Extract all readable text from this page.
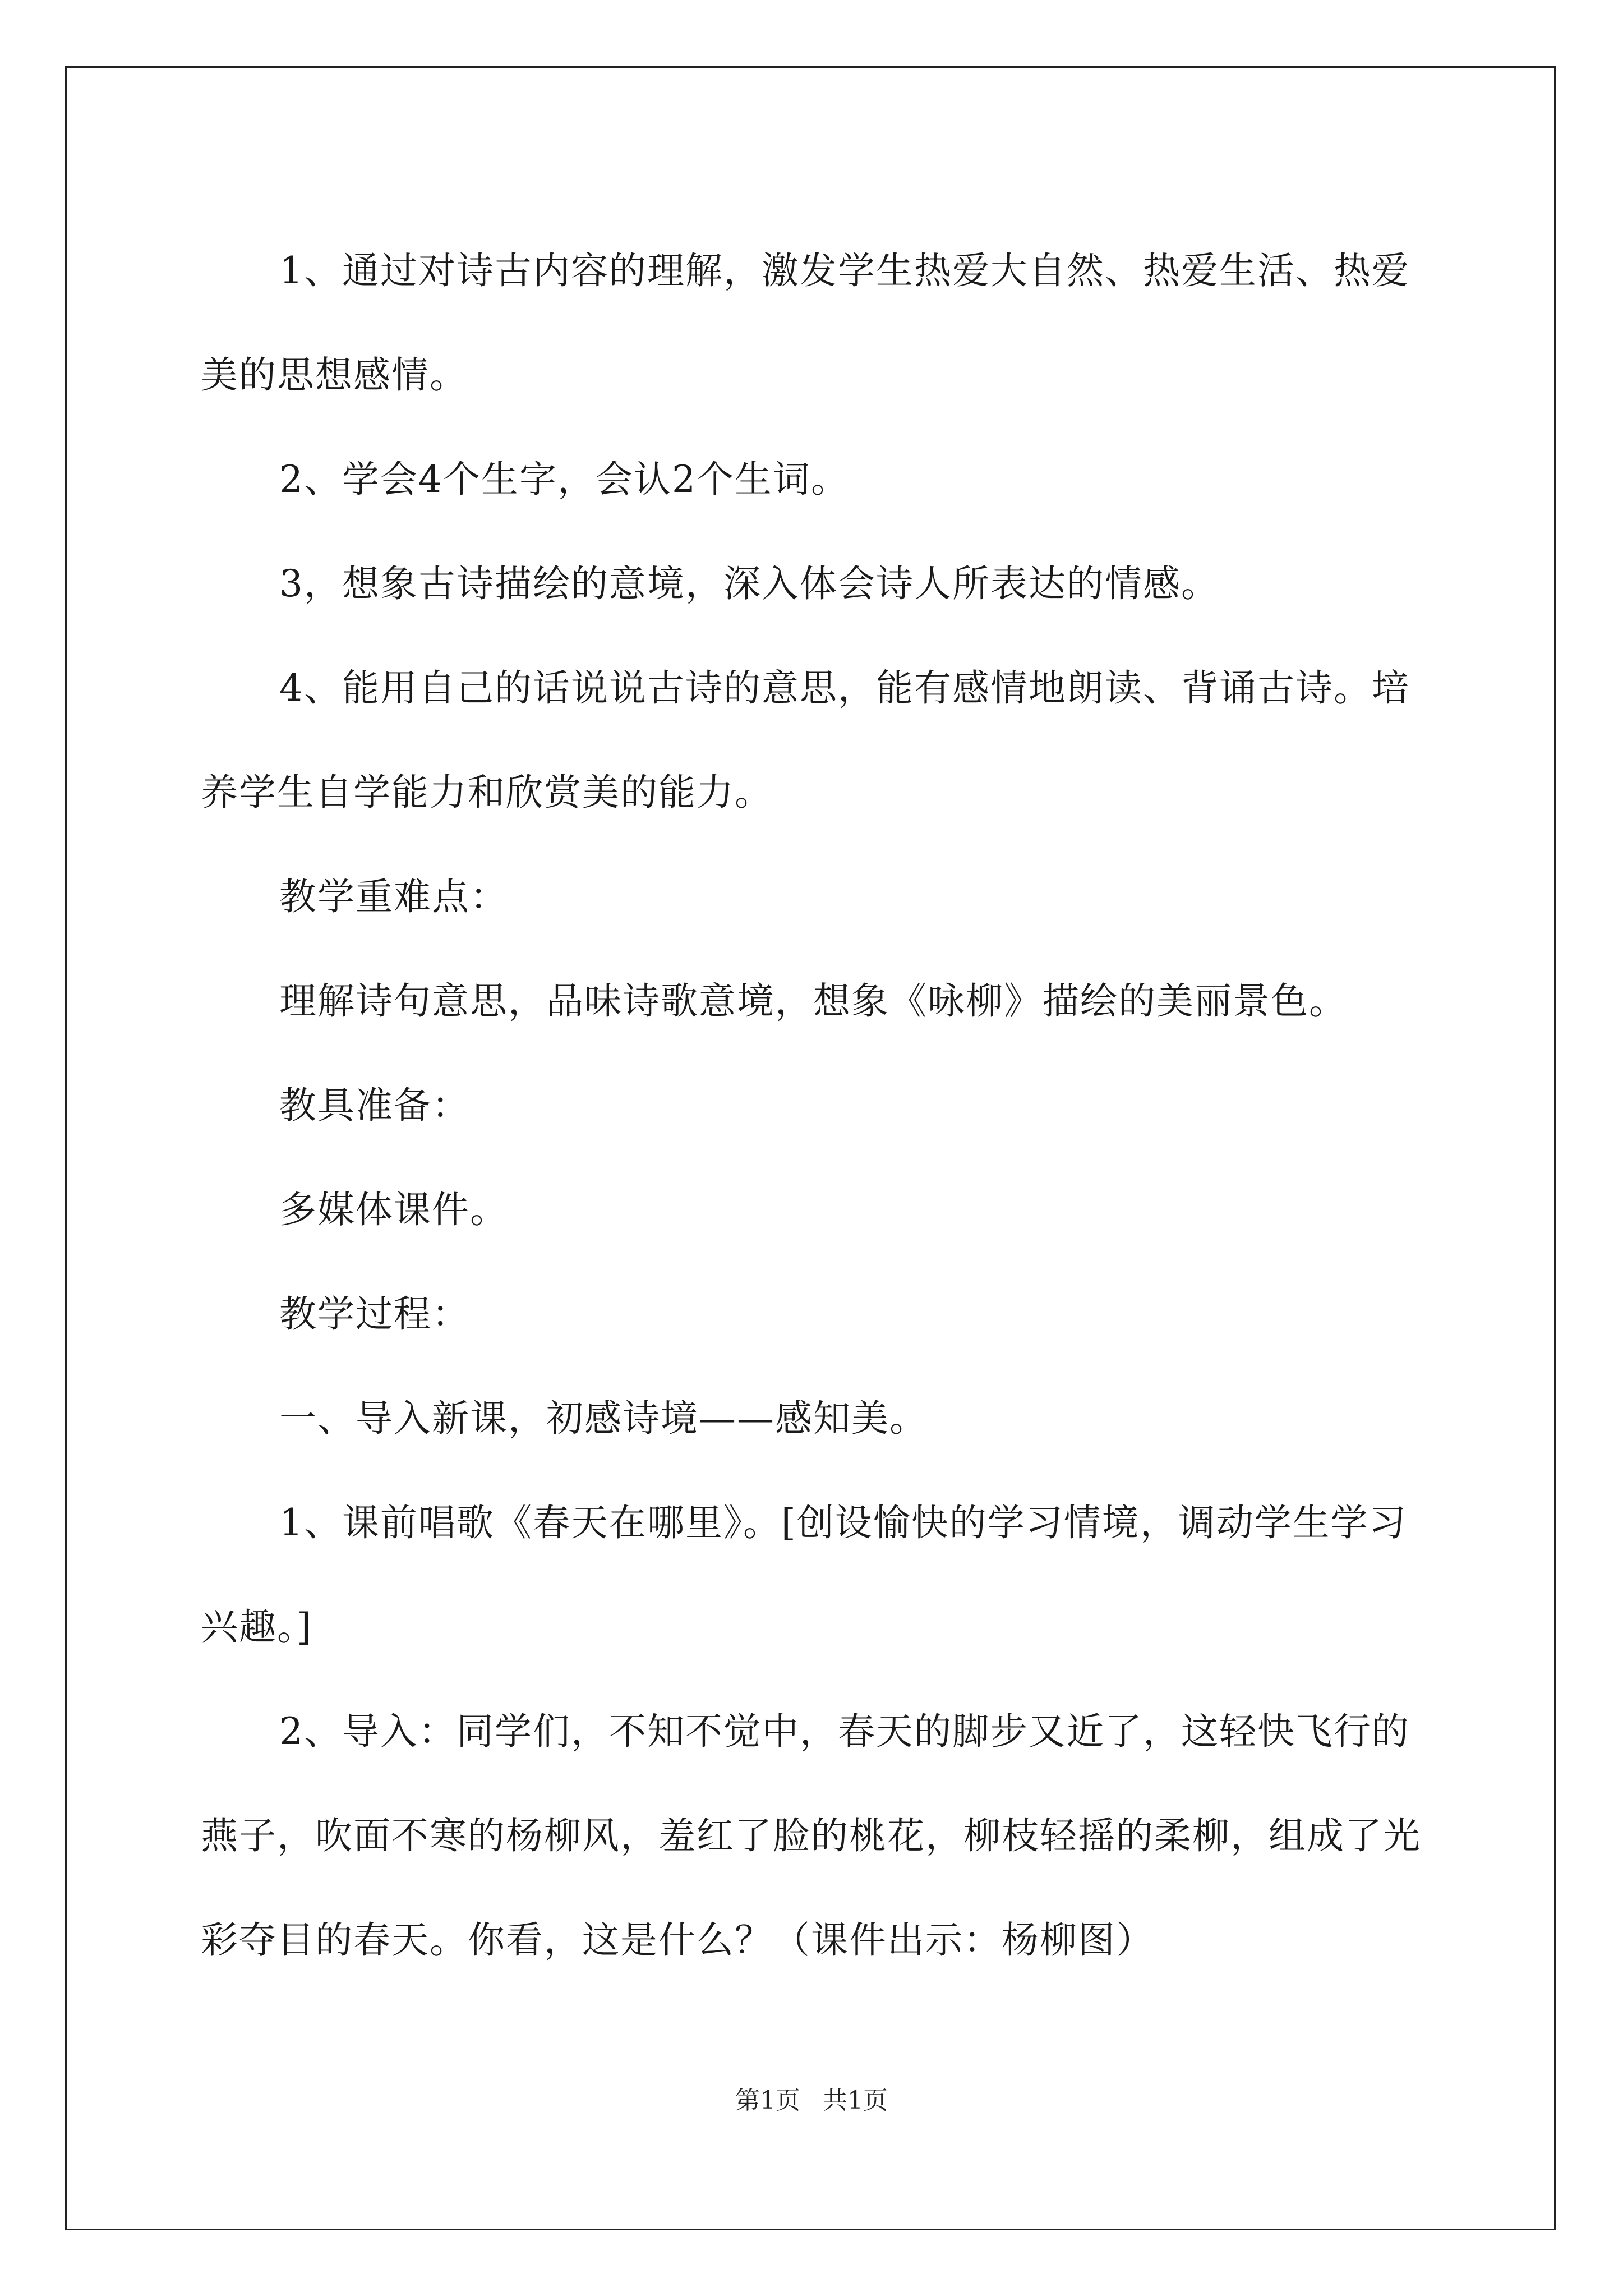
1、通过对诗古内容的理解，激发学生热爱大自然、热爱生活、热爱美的思想感情。

2、学会4个生字，会认2个生词。

3，想象古诗描绘的意境，深入体会诗人所表达的情感。

4、能用自己的话说说古诗的意思，能有感情地朗读、背诵古诗。培养学生自学能力和欣赏美的能力。

教学重难点：

理解诗句意思，品味诗歌意境，想象《咏柳》描绘的美丽景色。

教具准备：

多媒体课件。

教学过程：

一、导入新课，初感诗境——感知美。

1、课前唱歌《春天在哪里》。[创设愉快的学习情境，调动学生学习兴趣。]

2、导入：同学们，不知不觉中，春天的脚步又近了，这轻快飞行的燕子，吹面不寒的杨柳风，羞红了脸的桃花，柳枝轻摇的柔柳，组成了光彩夺目的春天。你看，这是什么？（课件出示：杨柳图）

第1页 共1页
